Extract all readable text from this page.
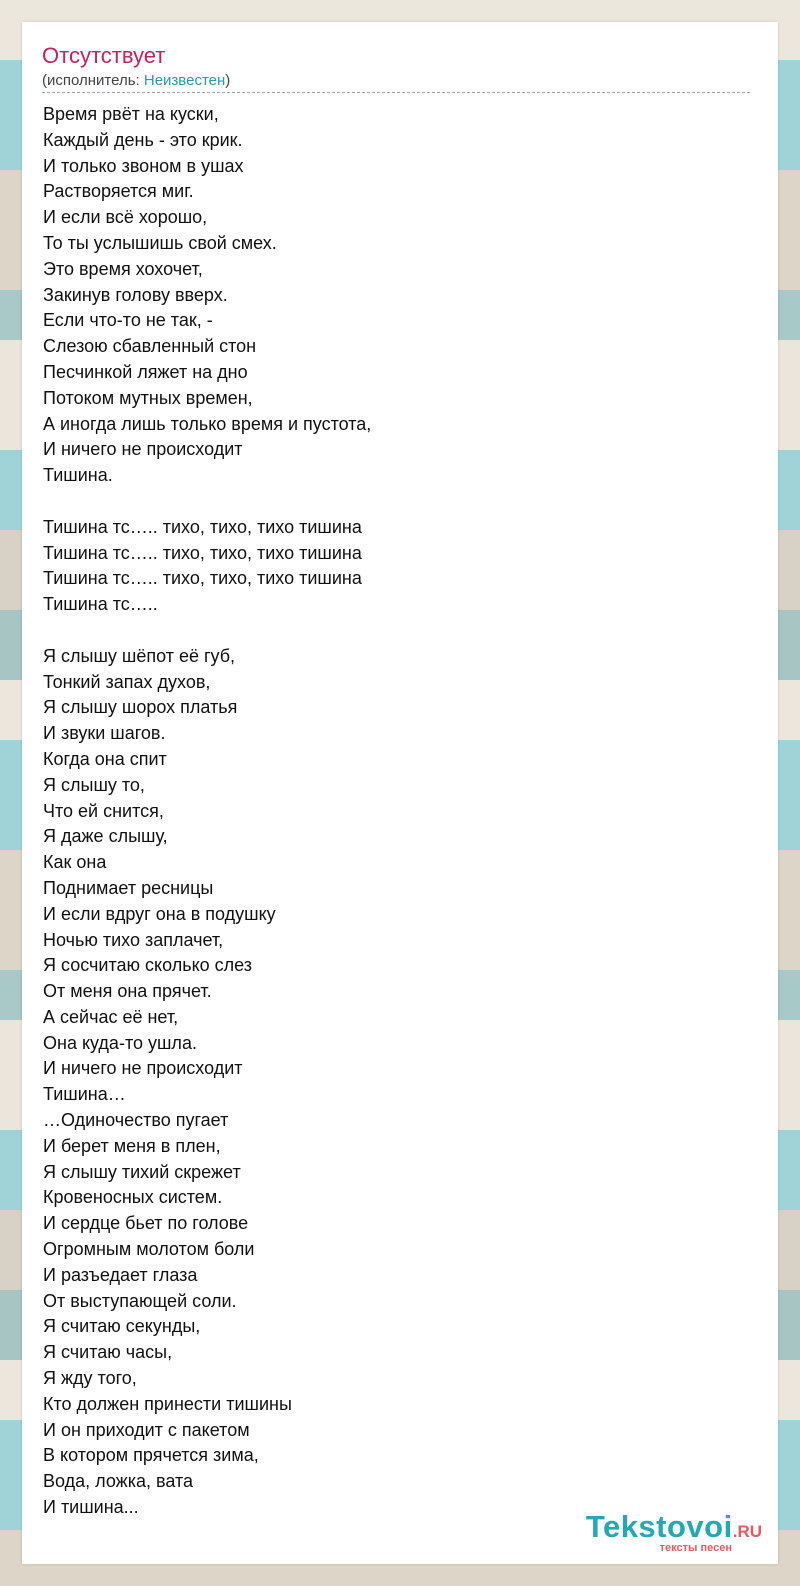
Отсутствует
(исполнитель: Неизвестен)
Время рвёт на куски,
Каждый день - это крик.
И только звоном в ушах
Растворяется миг.
И если всё хорошо,
То ты услышишь свой смех.
Это время хохочет,
Закинув голову вверх.
Если что-то не так, -
Слезою сбавленный стон
Песчинкой ляжет на дно
Потоком мутных времен,
А иногда лишь только время и пустота,
И ничего не происходит
Тишина.

Тишина тс….. тихо, тихо, тихо тишина
Тишина тс….. тихо, тихо, тихо тишина
Тишина тс….. тихо, тихо, тихо тишина
Тишина тс…..

Я слышу шёпот её губ,
Тонкий запах духов,
Я слышу шорох платья
И звуки шагов.
Когда она спит
Я слышу то,
Что ей снится,
Я даже слышу,
Как она
Поднимает ресницы
И если вдруг она в подушку
Ночью тихо заплачет,
Я сосчитаю сколько слез
От меня она прячет.
А сейчас её нет,
Она куда-то ушла.
И ничего не происходит
Тишина…
…Одиночество пугает
И берет меня в плен,
Я слышу тихий скрежет
Кровеносных систем.
И сердце бьет по голове
Огромным молотом боли
И разъедает глаза
От выступающей соли.
Я считаю секунды,
Я считаю часы,
Я жду того,
Кто должен принести тишины
И он приходит с пакетом
В котором прячется зима,
Вода, ложка, вата
И тишина...
Tekstovoi.RU
тексты песен
